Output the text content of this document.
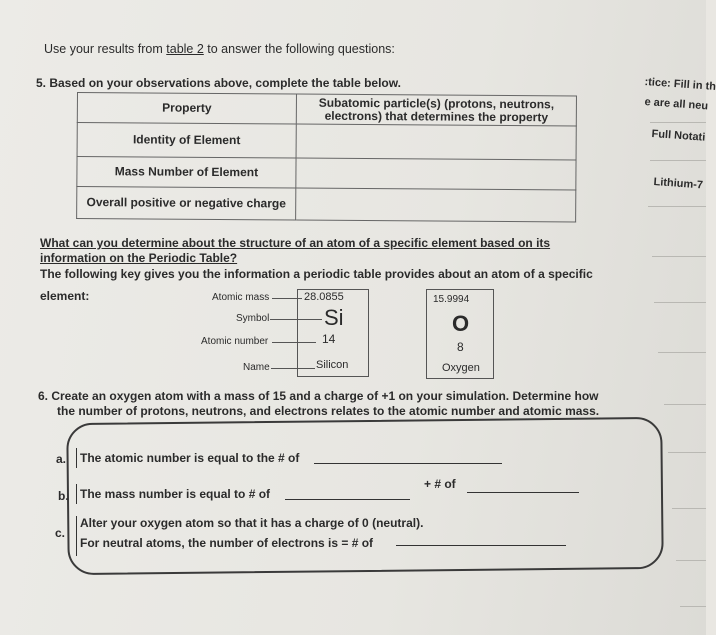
Use your results from table 2 to answer the following questions:
5. Based on your observations above, complete the table below.
Property	Subatomic particle(s) (protons, neutrons,
electrons) that determines the property

Identity of Element	
Mass Number of Element	
Overall positive or negative charge	
:tice: Fill in th
e are all neu
Full Notati
Lithium-7
What can you determine about the structure of an atom of a specific element based on its
information on the Periodic Table?
The following key gives you the information a periodic table provides about an atom of a specific
element:	Atomic mass
Symbol
Atomic number
Name
28.0855
Si
14
Silicon
15.9994
O
8
Oxygen
6. Create an oxygen atom with a mass of 15 and a charge of +1 on your simulation. Determine how
the number of protons, neutrons, and electrons relates to the atomic number and atomic mass.
a.	The atomic number is equal to the # of
b. The mass number is equal to # of
+ # of
c.
Alter your oxygen atom so that it has a charge of 0 (neutral).
For neutral atoms, the number of electrons is = # of
